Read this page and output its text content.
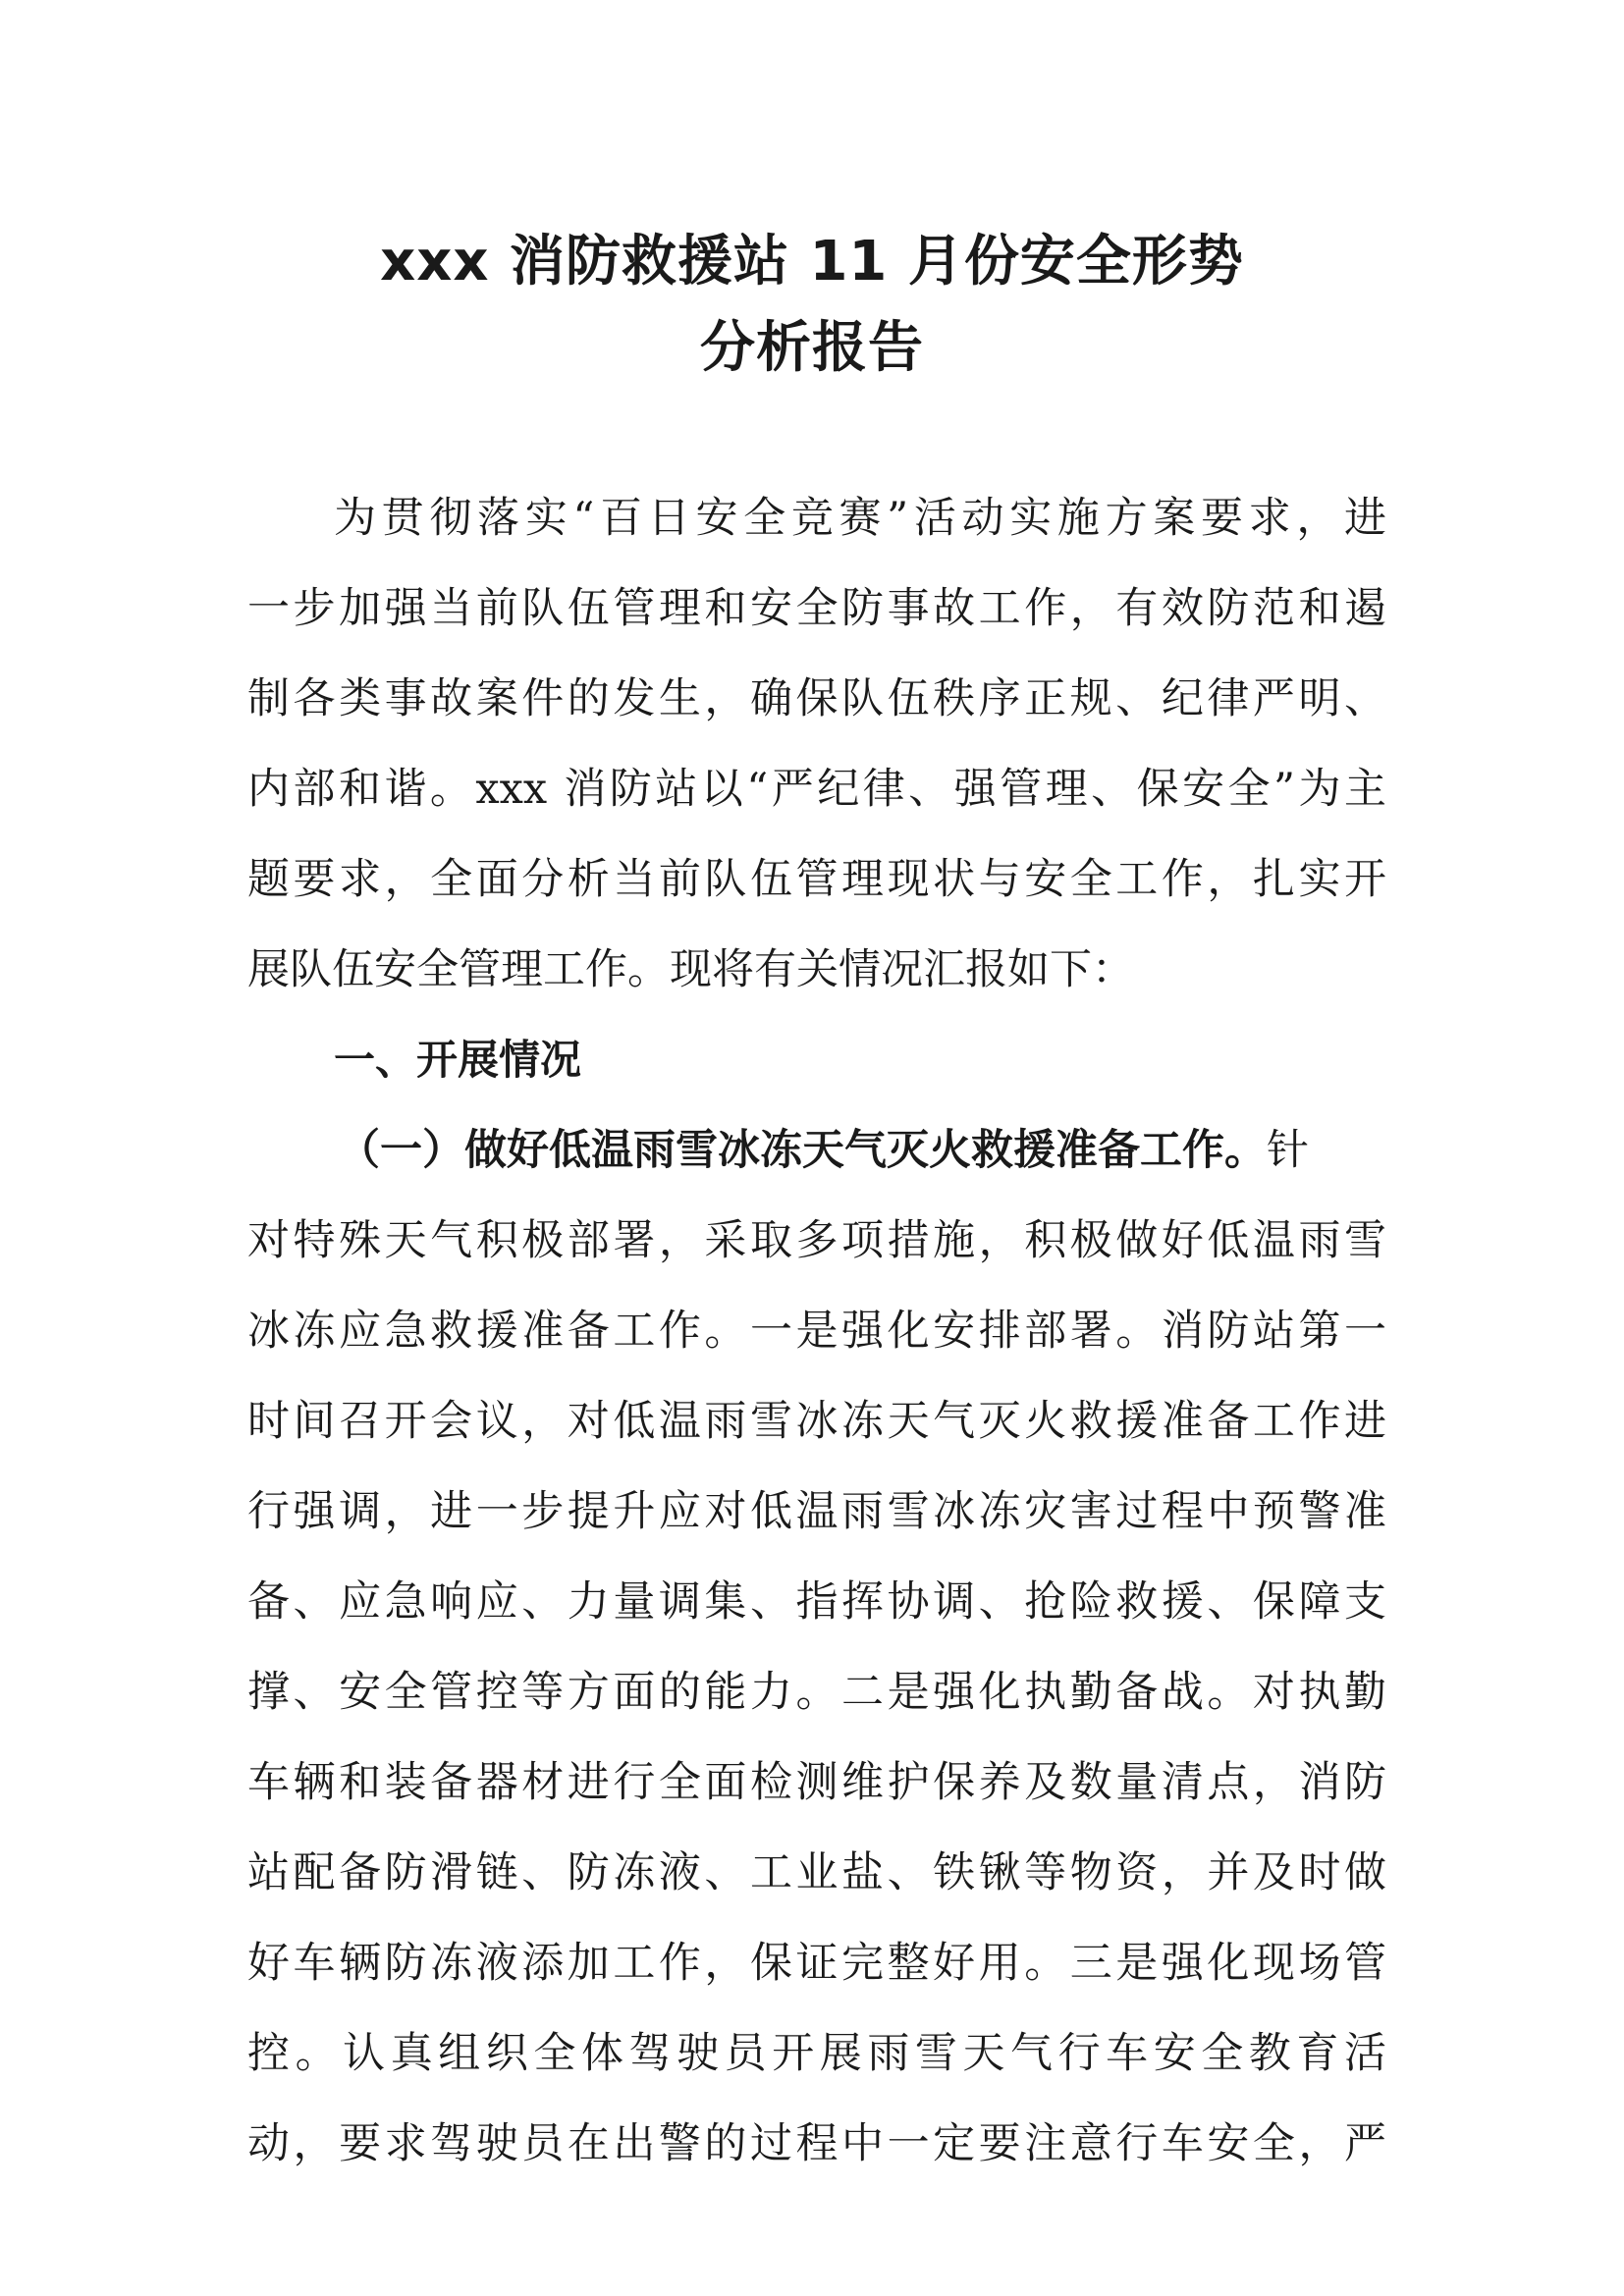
xxx 消防救援站 11 月份安全形势
分析报告
为贯彻落实“百日安全竞赛”活动实施方案要求，进
一步加强当前队伍管理和安全防事故工作，有效防范和遏
制各类事故案件的发生，确保队伍秩序正规、纪律严明、
内部和谐。xxx 消防站以“严纪律、强管理、保安全”为主
题要求，全面分析当前队伍管理现状与安全工作，扎实开
展队伍安全管理工作。现将有关情况汇报如下：
一、开展情况
（一）做好低温雨雪冰冻天气灭火救援准备工作。针
对特殊天气积极部署，采取多项措施，积极做好低温雨雪
冰冻应急救援准备工作。一是强化安排部署。消防站第一
时间召开会议，对低温雨雪冰冻天气灭火救援准备工作进
行强调，进一步提升应对低温雨雪冰冻灾害过程中预警准
备、应急响应、力量调集、指挥协调、抢险救援、保障支
撑、安全管控等方面的能力。二是强化执勤备战。对执勤
车辆和装备器材进行全面检测维护保养及数量清点，消防
站配备防滑链、防冻液、工业盐、铁锹等物资，并及时做
好车辆防冻液添加工作，保证完整好用。三是强化现场管
控。认真组织全体驾驶员开展雨雪天气行车安全教育活
动，要求驾驶员在出警的过程中一定要注意行车安全，严
